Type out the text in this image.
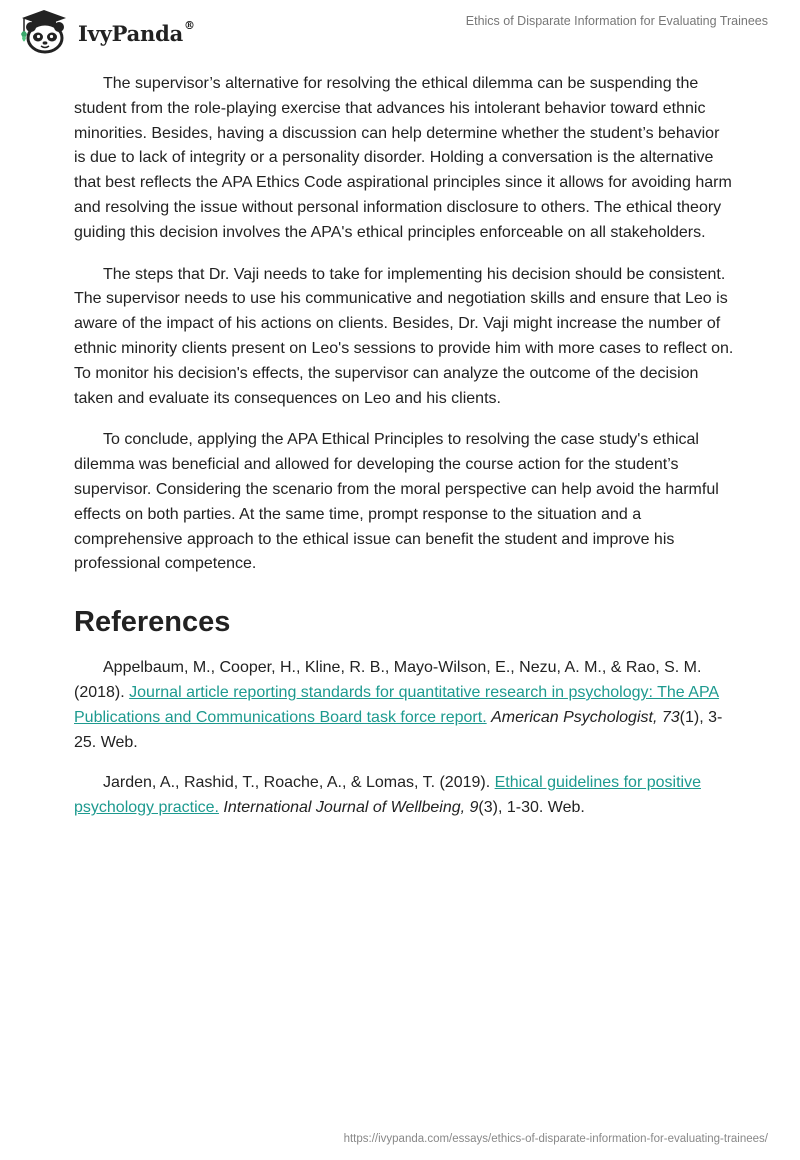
IvyPanda®	Ethics of Disparate Information for Evaluating Trainees

The supervisor’s alternative for resolving the ethical dilemma can be suspending the student from the role-playing exercise that advances his intolerant behavior toward ethnic minorities. Besides, having a discussion can help determine whether the student’s behavior is due to lack of integrity or a personality disorder. Holding a conversation is the alternative that best reflects the APA Ethics Code aspirational principles since it allows for avoiding harm and resolving the issue without personal information disclosure to others. The ethical theory guiding this decision involves the APA's ethical principles enforceable on all stakeholders.

The steps that Dr. Vaji needs to take for implementing his decision should be consistent. The supervisor needs to use his communicative and negotiation skills and ensure that Leo is aware of the impact of his actions on clients. Besides, Dr. Vaji might increase the number of ethnic minority clients present on Leo's sessions to provide him with more cases to reflect on. To monitor his decision's effects, the supervisor can analyze the outcome of the decision taken and evaluate its consequences on Leo and his clients.

To conclude, applying the APA Ethical Principles to resolving the case study's ethical dilemma was beneficial and allowed for developing the course action for the student’s supervisor. Considering the scenario from the moral perspective can help avoid the harmful effects on both parties. At the same time, prompt response to the situation and a comprehensive approach to the ethical issue can benefit the student and improve his professional competence.

References

Appelbaum, M., Cooper, H., Kline, R. B., Mayo-Wilson, E., Nezu, A. M., & Rao, S. M. (2018). Journal article reporting standards for quantitative research in psychology: The APA Publications and Communications Board task force report. American Psychologist, 73(1), 3-25. Web.

Jarden, A., Rashid, T., Roache, A., & Lomas, T. (2019). Ethical guidelines for positive psychology practice. International Journal of Wellbeing, 9(3), 1-30. Web.

https://ivypanda.com/essays/ethics-of-disparate-information-for-evaluating-trainees/
